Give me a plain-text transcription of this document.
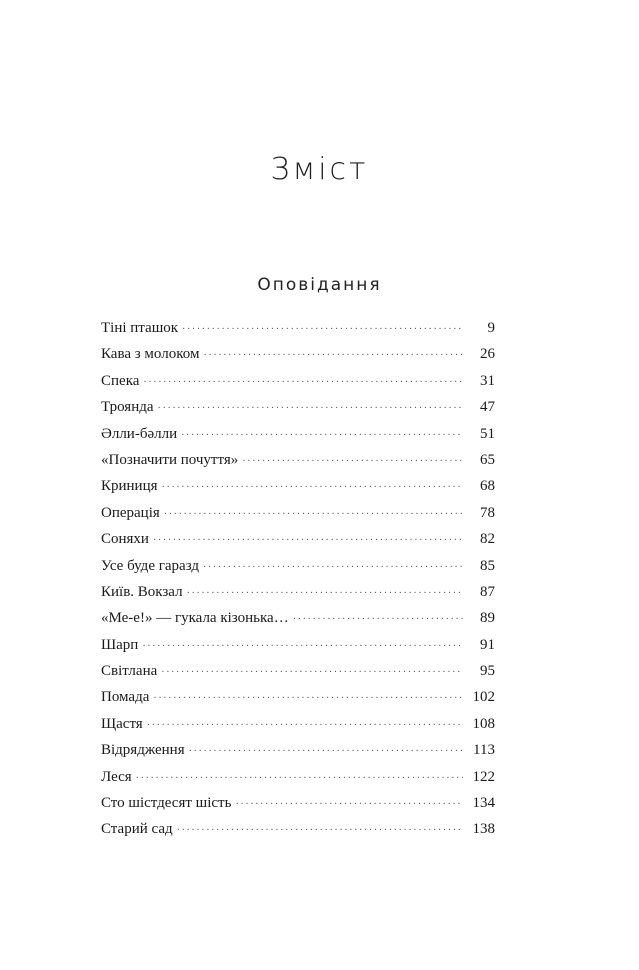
Зміст
Оповідання
Тіні пташок ·····	9
Кава з молоком ·····	26
Спека ·····	31
Троянда ·····	47
Əлли-бəлли ·····	51
«Позначити почуття» ·····	65
Криниця ·····	68
Операція ·····	78
Соняхи ·····	82
Усе буде гаразд ·····	85
Київ. Вокзал ·····	87
«Ме-е!» — гукала кізонька… ·····	89
Шарп ·····	91
Світлана ·····	95
Помада ·····	102
Щастя ·····	108
Відрядження ·····	113
Леся ·····	122
Сто шістдесят шість ·····	134
Старий сад ·····	138
